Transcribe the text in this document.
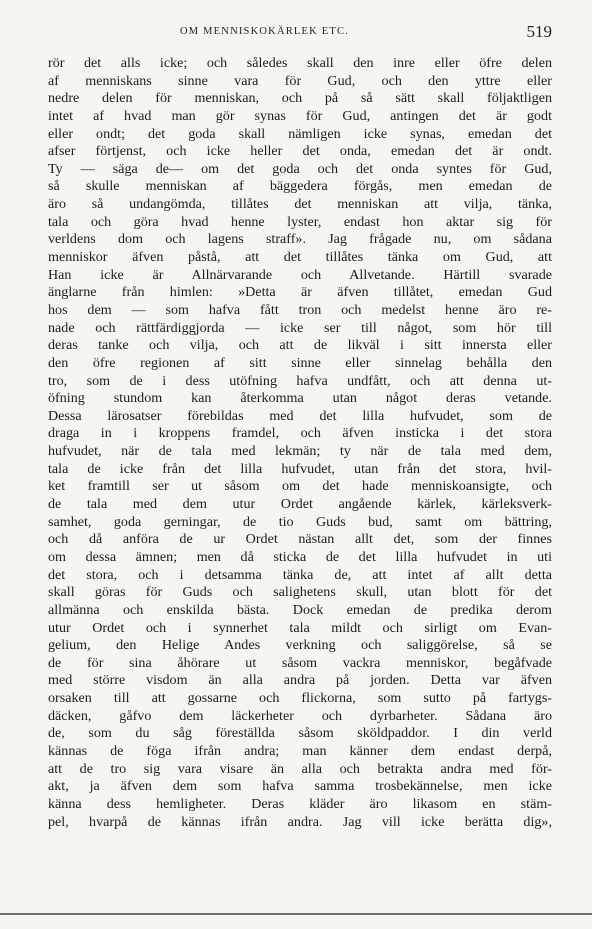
OM MENNISKOKÄRLEK ETC.	519
rör det alls icke; och således skall den inre eller öfre delen
af menniskans sinne vara för Gud, och den yttre eller
nedre delen för menniskan, och på så sätt skall följaktligen
intet af hvad man gör synas för Gud, antingen det är godt
eller ondt; det goda skall nämligen icke synas, emedan det
afser förtjenst, och icke heller det onda, emedan det är ondt.
Ty — säga de— om det goda och det onda syntes för Gud,
så skulle menniskan af bäggedera förgås, men emedan de
äro så undangömda, tillåtes det menniskan att vilja, tänka,
tala och göra hvad henne lyster, endast hon aktar sig för
verldens dom och lagens straff». Jag frågade nu, om sådana
menniskor äfven påstå, att det tillåtes tänka om Gud, att
Han icke är Allnärvarande och Allvetande. Härtill svarade
änglarne från himlen: »Detta är äfven tillåtet, emedan Gud
hos dem — som hafva fått tron och medelst henne äro re-
nade och rättfärdiggjorda — icke ser till något, som hör till
deras tanke och vilja, och att de likväl i sitt innersta eller
den öfre regionen af sitt sinne eller sinnelag behålla den
tro, som de i dess utöfning hafva undfått, och att denna ut-
öfning stundom kan återkomma utan något deras vetande.
Dessa lärosatser förebildas med det lilla hufvudet, som de
draga in i kroppens framdel, och äfven insticka i det stora
hufvudet, när de tala med lekmän; ty när de tala med dem,
tala de icke från det lilla hufvudet, utan från det stora, hvil-
ket framtill ser ut såsom om det hade menniskoansigte, och
de tala med dem utur Ordet angående kärlek, kärleksverk-
samhet, goda gerningar, de tio Guds bud, samt om bättring,
och då anföra de ur Ordet nästan allt det, som der finnes
om dessa ämnen; men då sticka de det lilla hufvudet in uti
det stora, och i detsamma tänka de, att intet af allt detta
skall göras för Guds och salighetens skull, utan blott för det
allmänna och enskilda bästa. Dock emedan de predika derom
utur Ordet och i synnerhet tala mildt och sirligt om Evan-
gelium, den Helige Andes verkning och saliggörelse, så se
de för sina åhörare ut såsom vackra menniskor, begåfvade
med större visdom än alla andra på jorden. Detta var äfven
orsaken till att gossarne och flickorna, som sutto på fartygs-
däcken, gåfvo dem läckerheter och dyrbarheter. Sådana äro
de, som du såg föreställda såsom sköldpaddor. I din verld
kännas de föga ifrån andra; man känner dem endast derpå,
att de tro sig vara visare än alla och betrakta andra med för-
akt, ja äfven dem som hafva samma trosbekännelse, men icke
känna dess hemligheter. Deras kläder äro likasom en stäm-
pel, hvarpå de kännas ifrån andra. Jag vill icke berätta dig»,
